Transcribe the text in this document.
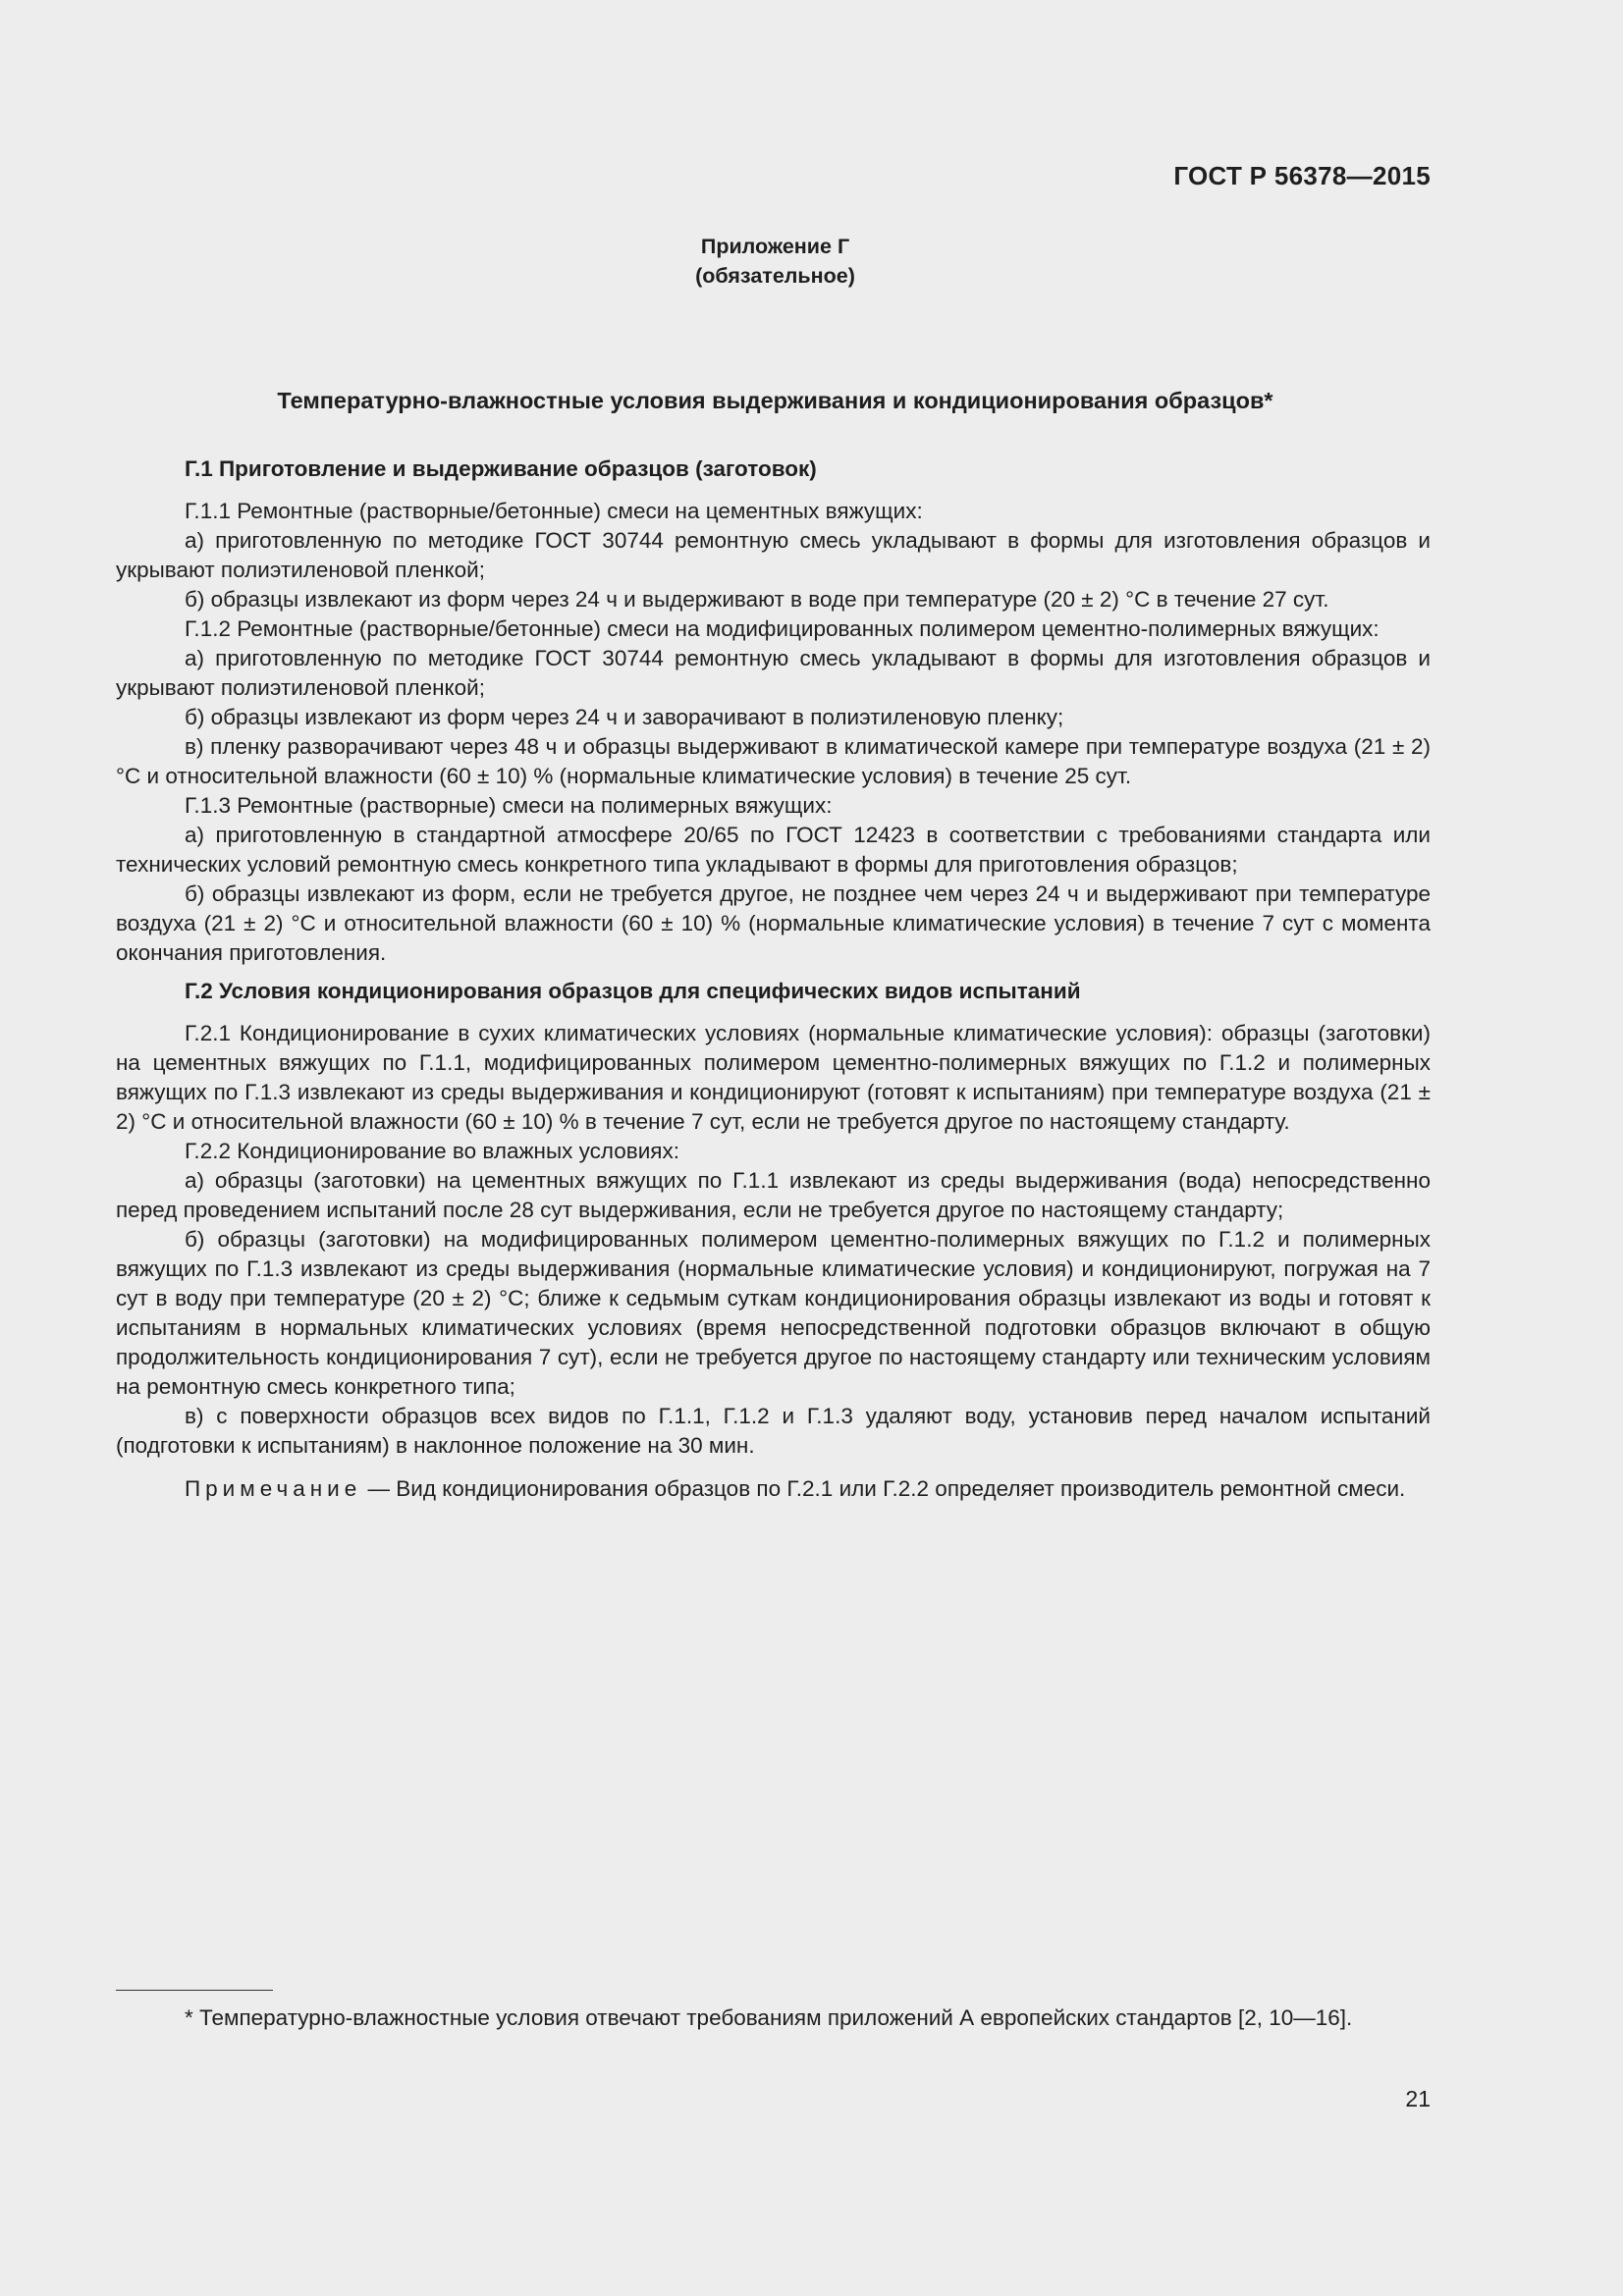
ГОСТ Р 56378—2015
Приложение Г
(обязательное)
Температурно-влажностные условия выдерживания и кондиционирования образцов*
Г.1 Приготовление и выдерживание образцов (заготовок)

Г.1.1 Ремонтные (растворные/бетонные) смеси на цементных вяжущих:

а) приготовленную по методике ГОСТ 30744 ремонтную смесь укладывают в формы для изготовления образцов и укрывают полиэтиленовой пленкой;

б) образцы извлекают из форм через 24 ч и выдерживают в воде при температуре (20 ± 2) °С в течение 27 сут.

Г.1.2 Ремонтные (растворные/бетонные) смеси на модифицированных полимером цементно-полимерных вяжущих:

а) приготовленную по методике ГОСТ 30744 ремонтную смесь укладывают в формы для изготовления образцов и укрывают полиэтиленовой пленкой;

б) образцы извлекают из форм через 24 ч и заворачивают в полиэтиленовую пленку;

в) пленку разворачивают через 48 ч и образцы выдерживают в климатической камере при температуре воздуха (21 ± 2) °С и относительной влажности (60 ± 10) % (нормальные климатические условия) в течение 25 сут.

Г.1.3 Ремонтные (растворные) смеси на полимерных вяжущих:

а) приготовленную в стандартной атмосфере 20/65 по ГОСТ 12423 в соответствии с требованиями стандарта или технических условий ремонтную смесь конкретного типа укладывают в формы для приготовления образцов;

б) образцы извлекают из форм, если не требуется другое, не позднее чем через 24 ч и выдерживают при температуре воздуха (21 ± 2) °С и относительной влажности (60 ± 10) % (нормальные климатические условия) в течение 7 сут с момента окончания приготовления.

Г.2 Условия кондиционирования образцов для специфических видов испытаний

Г.2.1 Кондиционирование в сухих климатических условиях (нормальные климатические условия): образцы (заготовки) на цементных вяжущих по Г.1.1, модифицированных полимером цементно-полимерных вяжущих по Г.1.2 и полимерных вяжущих по Г.1.3 извлекают из среды выдерживания и кондиционируют (готовят к испытаниям) при температуре воздуха (21 ± 2) °С и относительной влажности (60 ± 10) % в течение 7 сут, если не требуется другое по настоящему стандарту.

Г.2.2 Кондиционирование во влажных условиях:

а) образцы (заготовки) на цементных вяжущих по Г.1.1 извлекают из среды выдерживания (вода) непосредственно перед проведением испытаний после 28 сут выдерживания, если не требуется другое по настоящему стандарту;

б) образцы (заготовки) на модифицированных полимером цементно-полимерных вяжущих по Г.1.2 и полимерных вяжущих по Г.1.3 извлекают из среды выдерживания (нормальные климатические условия) и кондиционируют, погружая на 7 сут в воду при температуре (20 ± 2) °С; ближе к седьмым суткам кондиционирования образцы извлекают из воды и готовят к испытаниям в нормальных климатических условиях (время непосредственной подготовки образцов включают в общую продолжительность кондиционирования 7 сут), если не требуется другое по настоящему стандарту или техническим условиям на ремонтную смесь конкретного типа;

в) с поверхности образцов всех видов по Г.1.1, Г.1.2 и Г.1.3 удаляют воду, установив перед началом испытаний (подготовки к испытаниям) в наклонное положение на 30 мин.

Примечание — Вид кондиционирования образцов по Г.2.1 или Г.2.2 определяет производитель ремонтной смеси.

* Температурно-влажностные условия отвечают требованиям приложений А европейских стандартов [2, 10—16].

21
